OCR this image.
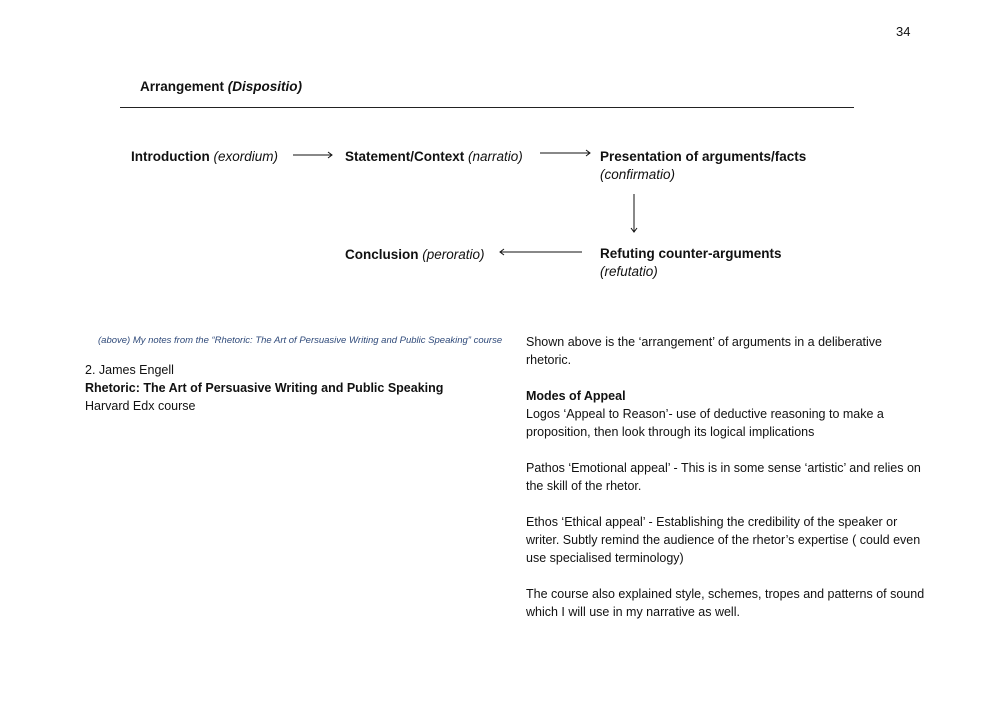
34
Arrangement (Dispositio)
Introduction (exordium)	Statement/Context (narratio)	Presentation of arguments/facts
(confirmatio)
Refuting counter-arguments
(refutatio)
Conclusion (peroratio)
(above) My notes from the “Rhetoric: The Art of Persuasive Writing and Public Speaking” course
2. James Engell
Rhetoric: The Art of Persuasive Writing and Public Speaking
Harvard Edx course

Shown above is the ‘arrangement’ of arguments in a deliberative rhetoric.

Modes of Appeal
Logos ‘Appeal to Reason’- use of deductive reasoning to make a proposition, then look through its logical implications

Pathos ‘Emotional appeal’ - This is in some sense ‘artistic’ and relies on the skill of the rhetor.

Ethos ‘Ethical appeal’ - Establishing the credibility of the speaker or writer. Subtly remind the audience of the rhetor’s expertise ( could even use specialised terminology)

The course also explained style, schemes, tropes and patterns of sound which I will use in my narrative as well.
